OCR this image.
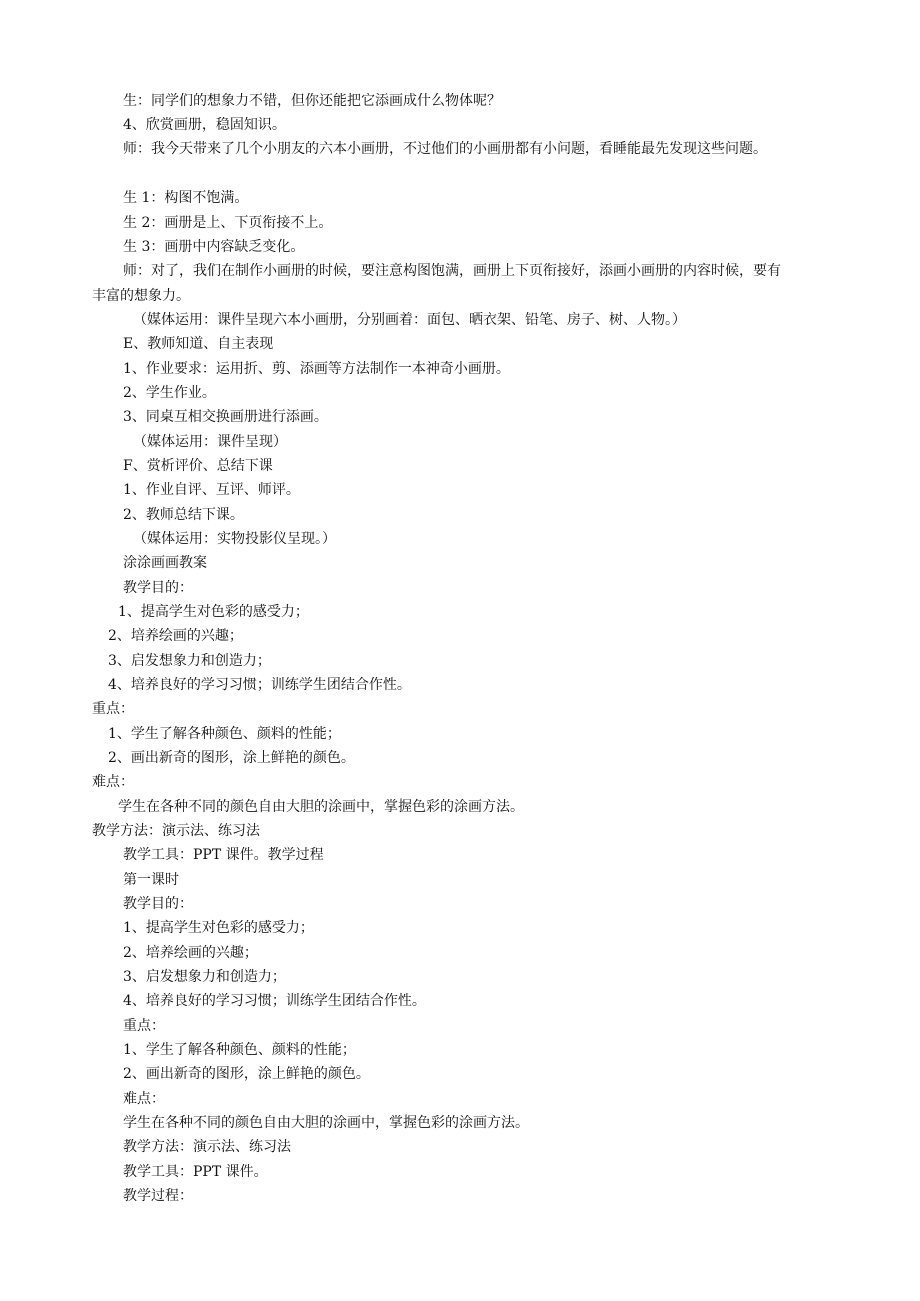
生：同学们的想象力不错，但你还能把它添画成什么物体呢？
4、欣赏画册，稳固知识。
师：我今天带来了几个小朋友的六本小画册，不过他们的小画册都有小问题，看睡能最先发现这些问题。
生 1：构图不饱满。
生 2：画册是上、下页衔接不上。
生 3：画册中内容缺乏变化。
师：对了，我们在制作小画册的时候，要注意构图饱满，画册上下页衔接好，添画小画册的内容时候，要有丰富的想象力。
（媒体运用：课件呈现六本小画册，分别画着：面包、晒衣架、铅笔、房子、树、人物。）
E、教师知道、自主表现
1、作业要求：运用折、剪、添画等方法制作一本神奇小画册。
2、学生作业。
3、同桌互相交换画册进行添画。
（媒体运用：课件呈现）
F、赏析评价、总结下课
1、作业自评、互评、师评。
2、教师总结下课。
（媒体运用：实物投影仪呈现。）
涂涂画画教案
教学目的：
1、提高学生对色彩的感受力；
2、培养绘画的兴趣；
3、启发想象力和创造力；
4、培养良好的学习习惯；训练学生团结合作性。
重点：
1、学生了解各种颜色、颜料的性能；
2、画出新奇的图形，涂上鲜艳的颜色。
难点：
学生在各种不同的颜色自由大胆的涂画中，掌握色彩的涂画方法。
教学方法：演示法、练习法
教学工具：PPT 课件。教学过程
第一课时
教学目的：
1、提高学生对色彩的感受力；
2、培养绘画的兴趣；
3、启发想象力和创造力；
4、培养良好的学习习惯；训练学生团结合作性。
重点：
1、学生了解各种颜色、颜料的性能；
2、画出新奇的图形，涂上鲜艳的颜色。
难点：
学生在各种不同的颜色自由大胆的涂画中，掌握色彩的涂画方法。
教学方法：演示法、练习法
教学工具：PPT 课件。
教学过程：
